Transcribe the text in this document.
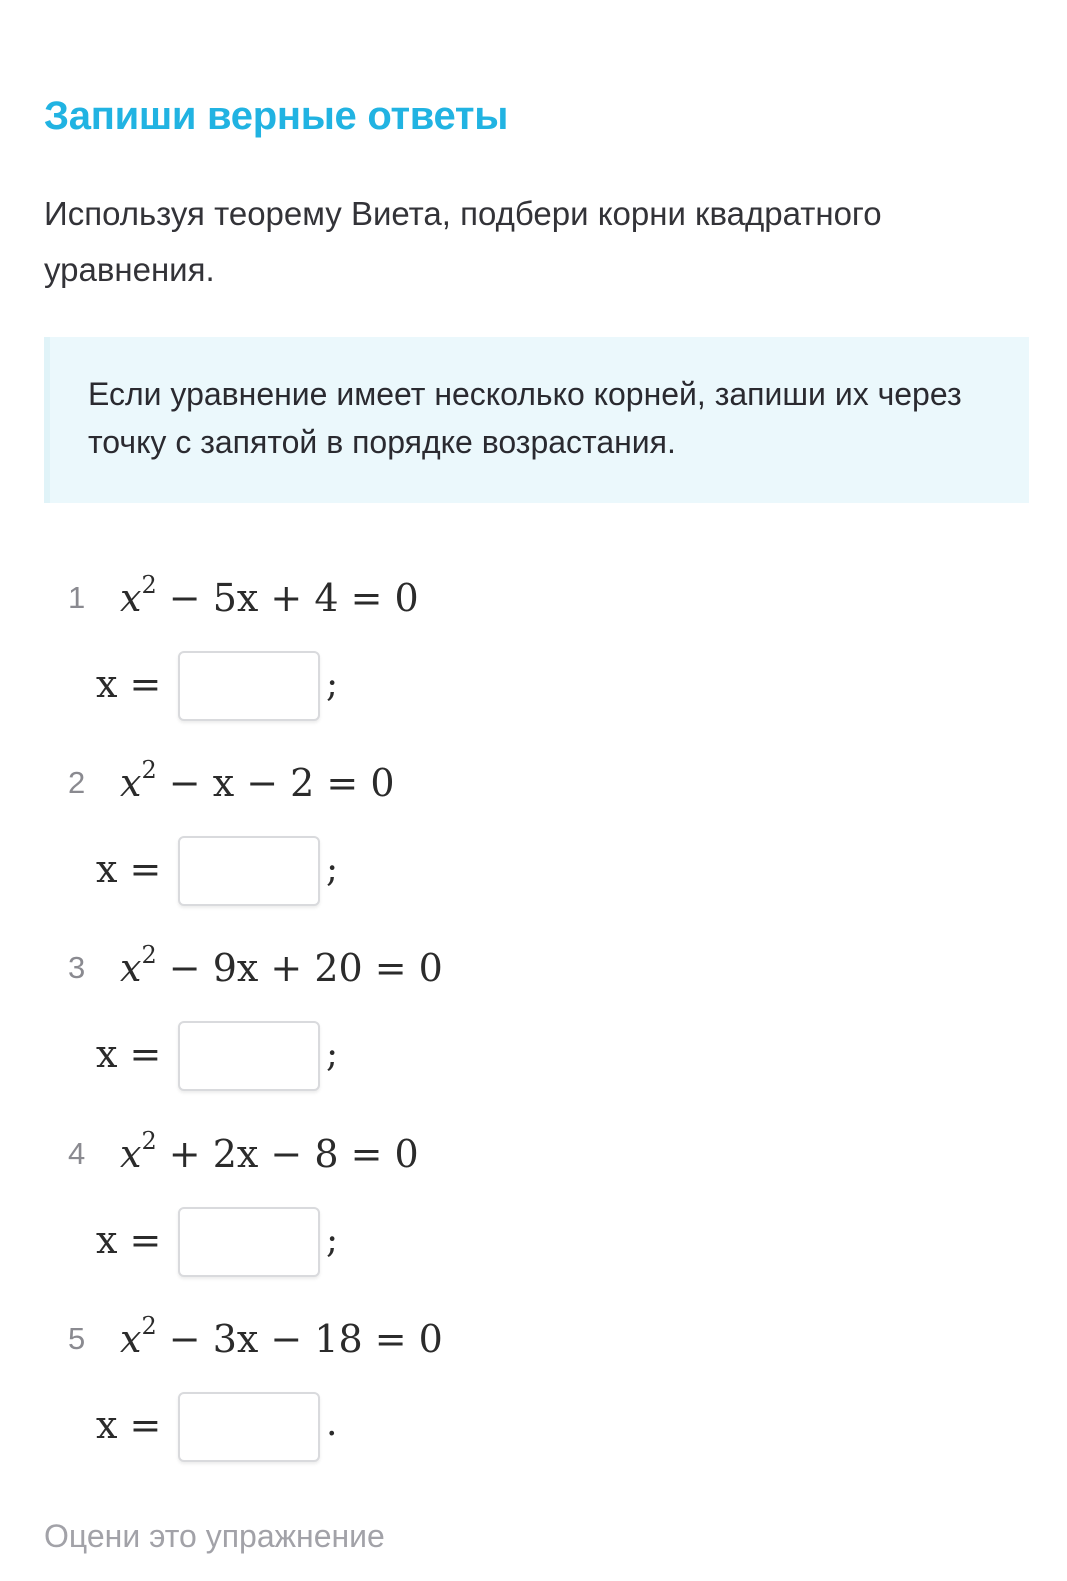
Запиши верные ответы
Используя теорему Виета, подбери корни квадратного уравнения.
Если уравнение имеет несколько корней, запиши их через точку с запятой в порядке возрастания.
1 $x^2 - 5x + 4 = 0$
x =	;
2 $x^2 - x - 2 = 0$
x =	;
3 $x^2 - 9x + 20 = 0$
x =	;
4 $x^2 + 2x - 8 = 0$
x =	;
5 $x^2 - 3x - 18 = 0$
x =	.
Оцени это упражнение
